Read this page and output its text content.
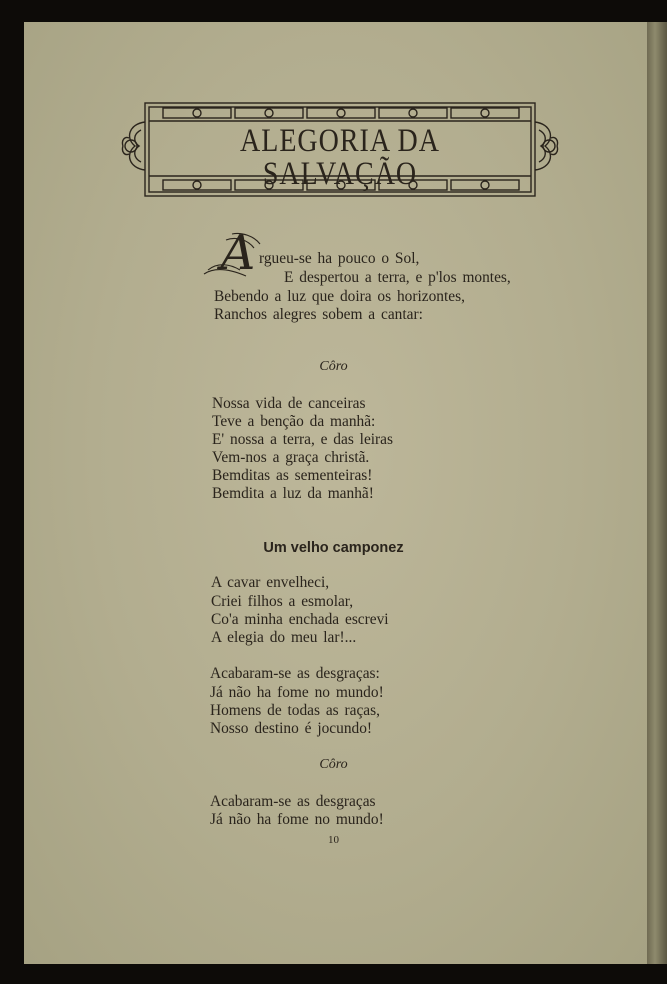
ALEGORIA DA SALVAÇÃO
A rgueu-se ha pouco o Sol,
E despertou a terra, e p'los montes,
Bebendo a luz que doira os horizontes,
Ranchos alegres sobem a cantar:
Côro
Nossa vida de canceiras
Teve a benção da manhã:
E' nossa a terra, e das leiras
Vem-nos a graça christã.
Bemditas as sementeiras!
Bemdita a luz da manhã!
Um velho camponez
A cavar envelheci,
Criei filhos a esmolar,
Co'a minha enchada escrevi
A elegia do meu lar!...
Acabaram-se as desgraças:
Já não ha fome no mundo!
Homens de todas as raças,
Nosso destino é jocundo!
Côro
Acabaram-se as desgraças
Já não ha fome no mundo!
10
